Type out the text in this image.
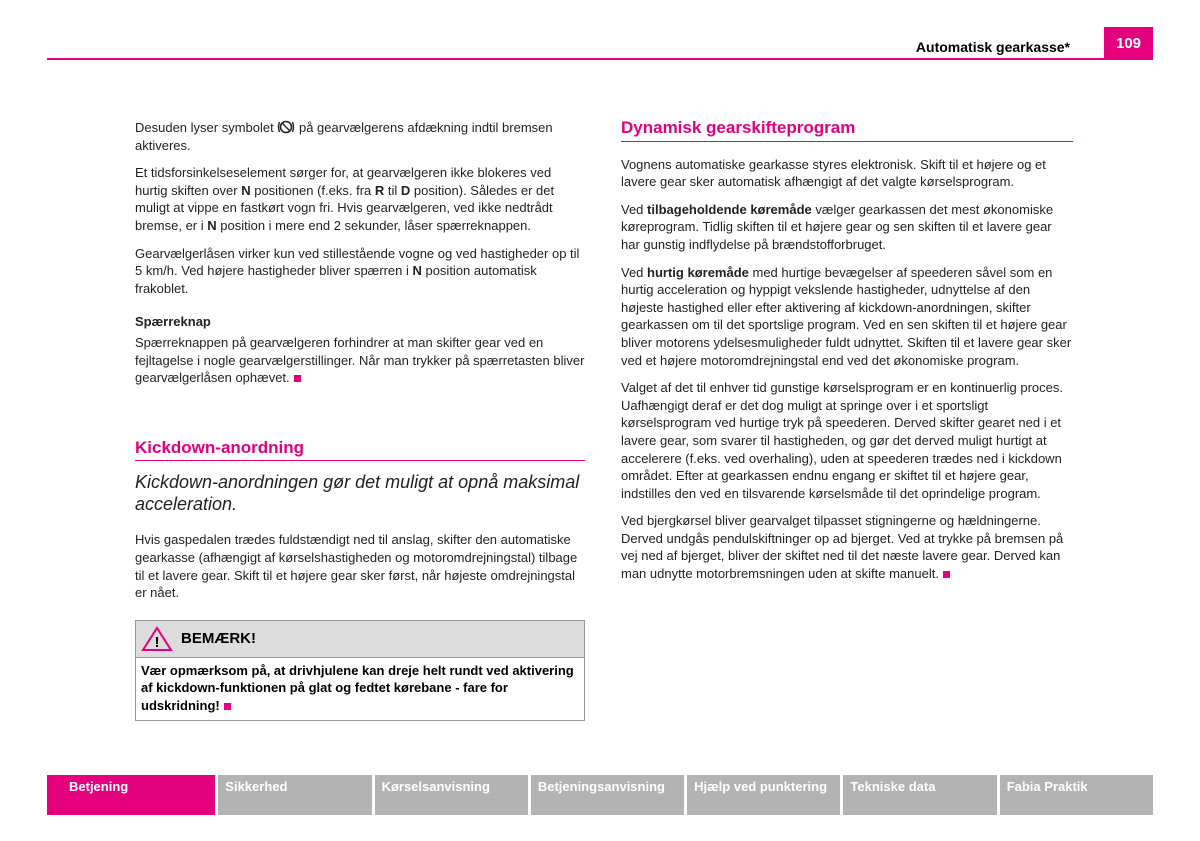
Automatisk gearkasse*	109

Desuden lyser symbolet på gearvælgerens afdækning indtil bremsen aktiveres.

Et tidsforsinkelseselement sørger for, at gearvælgeren ikke blokeres ved hurtig skiften over N positionen (f.eks. fra R til D position). Således er det muligt at vippe en fastkørt vogn fri. Hvis gearvælgeren, ved ikke nedtrådt bremse, er i N position i mere end 2 sekunder, låser spærreknappen.

Gearvælgerlåsen virker kun ved stillestående vogne og ved hastigheder op til 5 km/h. Ved højere hastigheder bliver spærren i N position automatisk frakoblet.

Spærreknap

Spærreknappen på gearvælgeren forhindrer at man skifter gear ved en fejltagelse i nogle gearvælgerstillinger. Når man trykker på spærretasten bliver gearvælgerlåsen ophævet.

Kickdown-anordning
Kickdown-anordningen gør det muligt at opnå maksimal acceleration.

Hvis gaspedalen trædes fuldstændigt ned til anslag, skifter den automatiske gearkasse (afhængigt af kørselshastigheden og motoromdrejningstal) tilbage til et lavere gear. Skift til et højere gear sker først, når højeste omdrejningstal er nået.

! BEMÆRK!
Vær opmærksom på, at drivhjulene kan dreje helt rundt ved aktivering af kickdown-funktionen på glat og fedtet kørebane - fare for udskridning!
Dynamisk gearskifteprogram

Vognens automatiske gearkasse styres elektronisk. Skift til et højere og et lavere gear sker automatisk afhængigt af det valgte kørselsprogram.

Ved tilbageholdende køremåde vælger gearkassen det mest økonomiske køreprogram. Tidlig skiften til et højere gear og sen skiften til et lavere gear har gunstig indflydelse på brændstofforbruget.

Ved hurtig køremåde med hurtige bevægelser af speederen såvel som en hurtig acceleration og hyppigt vekslende hastigheder, udnyttelse af den højeste hastighed eller efter aktivering af kickdown-anordningen, skifter gearkassen om til det sportslige program. Ved en sen skiften til et højere gear bliver motorens ydelsesmuligheder fuldt udnyttet. Skiften til et lavere gear sker ved et højere motoromdrejningstal end ved det økonomiske program.

Valget af det til enhver tid gunstige kørselsprogram er en kontinuerlig proces. Uafhængigt deraf er det dog muligt at springe over i et sportsligt kørselsprogram ved hurtige tryk på speederen. Derved skifter gearet ned i et lavere gear, som svarer til hastigheden, og gør det derved muligt hurtigt at accelerere (f.eks. ved overhaling), uden at speederen trædes ned i kickdown området. Efter at gearkassen endnu engang er skiftet til et højere gear, indstilles den ved en tilsvarende kørselsmåde til det oprindelige program.

Ved bjergkørsel bliver gearvalget tilpasset stigningerne og hældningerne. Derved undgås pendulskiftninger op ad bjerget. Ved at trykke på bremsen på vej ned af bjerget, bliver der skiftet ned til det næste lavere gear. Derved kan man udnytte motorbremsningen uden at skifte manuelt.

Betjening	Sikkerhed	Kørselsanvisning	Betjeningsanvisning	Hjælp ved punktering	Tekniske data	Fabia Praktik
